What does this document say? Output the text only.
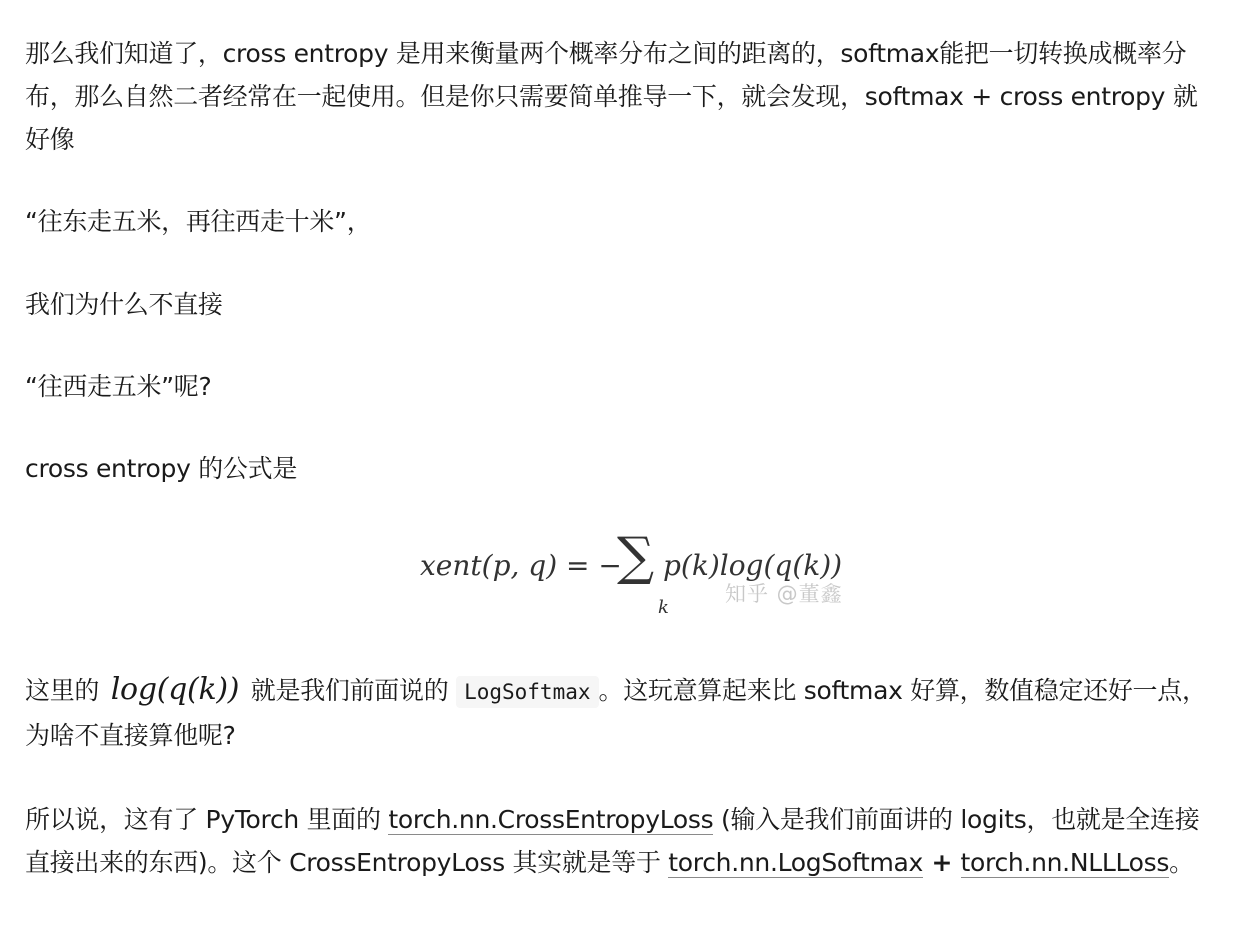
那么我们知道了，cross entropy 是用来衡量两个概率分布之间的距离的，softmax能把一切转换成概率分布，那么自然二者经常在一起使用。但是你只需要简单推导一下，就会发现，softmax + cross entropy 就好像

“往东走五米，再往西走十米”，

我们为什么不直接

“往西走五米”呢?

cross entropy 的公式是

xent(p, q) = −
∑
k
p(k)log(q(k))
知乎 @董鑫

这里的 log(q(k)) 就是我们前面说的 LogSoftmax 。这玩意算起来比 softmax 好算，数值稳定还好一点，为啥不直接算他呢?

所以说，这有了 PyTorch 里面的 torch.nn.CrossEntropyLoss (输入是我们前面讲的 logits，也就是全连接直接出来的东西)。这个 CrossEntropyLoss 其实就是等于 torch.nn.LogSoftmax + torch.nn.NLLLoss。
